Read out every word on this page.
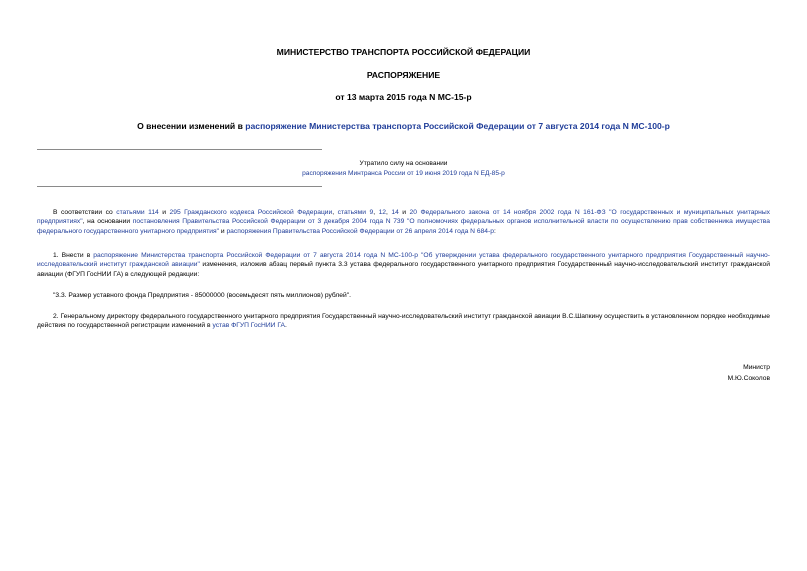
МИНИСТЕРСТВО ТРАНСПОРТА РОССИЙСКОЙ ФЕДЕРАЦИИ
РАСПОРЯЖЕНИЕ
от 13 марта 2015 года N МС-15-р
О внесении изменений в распоряжение Министерства транспорта Российской Федерации от 7 августа 2014 года N МС-100-р
Утратило силу на основании
распоряжения Минтранса России от 19 июня 2019 года N ЕД-85-р
В соответствии со статьями 114 и 295 Гражданского кодекса Российской Федерации, статьями 9, 12, 14 и 20 Федерального закона от 14 ноября 2002 года N 161-ФЗ "О государственных и муниципальных унитарных предприятиях", на основании постановления Правительства Российской Федерации от 3 декабря 2004 года N 739 "О полномочиях федеральных органов исполнительной власти по осуществлению прав собственника имущества федерального государственного унитарного предприятия" и распоряжения Правительства Российской Федерации от 26 апреля 2014 года N 684-р:
1. Внести в распоряжение Министерства транспорта Российской Федерации от 7 августа 2014 года N МС-100-р "Об утверждении устава федерального государственного унитарного предприятия Государственный научно-исследовательский институт гражданской авиации" изменения, изложив абзац первый пункта 3.3 устава федерального государственного унитарного предприятия Государственный научно-исследовательский институт гражданской авиации (ФГУП ГосНИИ ГА) в следующей редакции:
"3.3. Размер уставного фонда Предприятия - 85000000 (восемьдесят пять миллионов) рублей".
2. Генеральному директору федерального государственного унитарного предприятия Государственный научно-исследовательский институт гражданской авиации В.С.Шапкину осуществить в установленном порядке необходимые действия по государственной регистрации изменений в устав ФГУП ГосНИИ ГА.
Министр
М.Ю.Соколов
